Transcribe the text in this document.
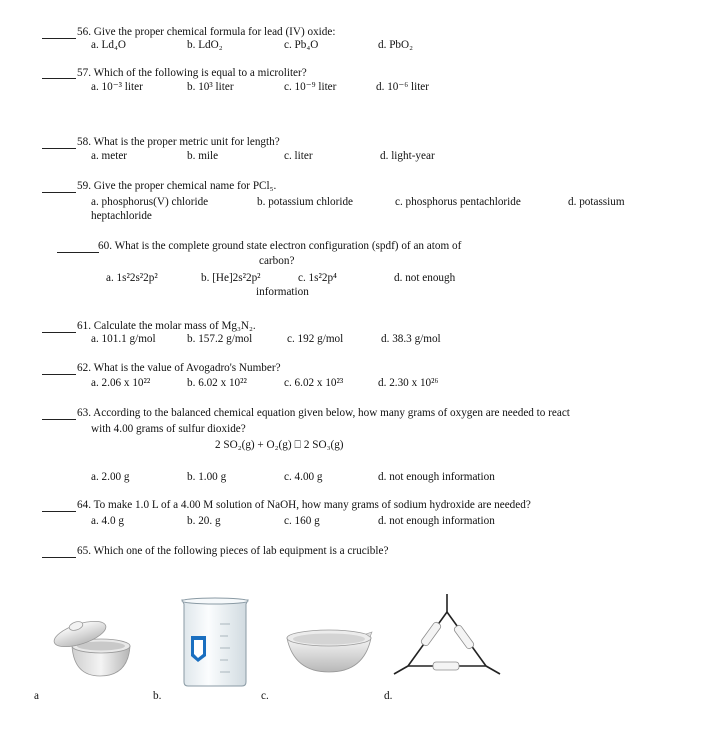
56. Give the proper chemical formula for lead (IV) oxide:
a. Ld₄O	b. LdO₂	c. Pb₄O	d. PbO₂
57. Which of the following is equal to a microliter?
a. 10⁻³ liter	b. 10³ liter	c. 10⁻⁹ liter	d. 10⁻⁶ liter
58. What is the proper metric unit for length?
a. meter	b. mile	c. liter	d. light-year
59. Give the proper chemical name for PCl₅.
a. phosphorus(V) chloride	b. potassium chloride	c. phosphorus pentachloride	d. potassium
heptachloride
60. What is the complete ground state electron configuration (spdf) of an atom of
carbon?
a. 1s²2s²2p²	b. [He]2s²2p²	c. 1s²2p⁴	d. not enough
information
61. Calculate the molar mass of Mg₃N₂.
a. 101.1 g/mol	b. 157.2 g/mol	c. 192 g/mol	d. 38.3 g/mol
62. What is the value of Avogadro's Number?
a. 2.06 x 10²²	b. 6.02 x 10²²	c. 6.02 x 10²³	d. 2.30 x 10²⁶
63. According to the balanced chemical equation given below, how many grams of oxygen are needed to react
with 4.00 grams of sulfur dioxide?
2 SO₂(g) + O₂(g) ⎕ 2 SO₃(g)
a. 2.00 g	b. 1.00 g	c. 4.00 g	d. not enough information
64. To make 1.0 L of a 4.00 M solution of NaOH, how many grams of sodium hydroxide are needed?
a. 4.0 g	b. 20. g	c. 160 g	d. not enough information
65. Which one of the following pieces of lab equipment is a crucible?
a	b.	c.	d.
